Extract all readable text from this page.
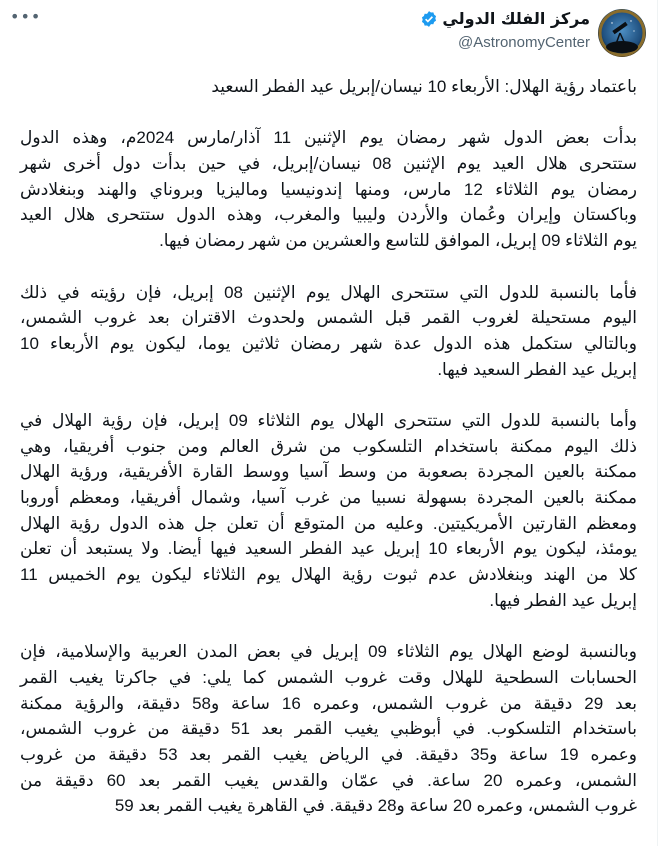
مركز الفلك الدولي
@AstronomyCenter
•••
باعتماد رؤية الهلال: الأربعاء 10 نيسان/إبريل عيد الفطر السعيد
بدأت بعض الدول شهر رمضان يوم الإثنين 11 آذار/مارس 2024م، وهذه الدول
ستتحرى هلال العيد يوم الإثنين 08 نيسان/إبريل، في حين بدأت دول أخرى شهر
رمضان يوم الثلاثاء 12 مارس، ومنها إندونيسيا وماليزيا وبروناي والهند وبنغلادش
وباكستان وإيران وعُمان والأردن وليبيا والمغرب، وهذه الدول ستتحرى هلال العيد
يوم الثلاثاء 09 إبريل، الموافق للتاسع والعشرين من شهر رمضان فيها.
فأما بالنسبة للدول التي ستتحرى الهلال يوم الإثنين 08 إبريل، فإن رؤيته في ذلك
اليوم مستحيلة لغروب القمر قبل الشمس ولحدوث الاقتران بعد غروب الشمس،
وبالتالي ستكمل هذه الدول عدة شهر رمضان ثلاثين يوما، ليكون يوم الأربعاء 10
إبريل عيد الفطر السعيد فيها.
وأما بالنسبة للدول التي ستتحرى الهلال يوم الثلاثاء 09 إبريل، فإن رؤية الهلال في
ذلك اليوم ممكنة باستخدام التلسكوب من شرق العالم ومن جنوب أفريقيا، وهي
ممكنة بالعين المجردة بصعوبة من وسط آسيا ووسط القارة الأفريقية، ورؤية الهلال
ممكنة بالعين المجردة بسهولة نسبيا من غرب آسيا، وشمال أفريقيا، ومعظم أوروبا
ومعظم القارتين الأمريكيتين. وعليه من المتوقع أن تعلن جل هذه الدول رؤية الهلال
يومئذ، ليكون يوم الأربعاء 10 إبريل عيد الفطر السعيد فيها أيضا. ولا يستبعد أن تعلن
كلا من الهند وبنغلادش عدم ثبوت رؤية الهلال يوم الثلاثاء ليكون يوم الخميس 11
إبريل عيد الفطر فيها.
وبالنسبة لوضع الهلال يوم الثلاثاء 09 إبريل في بعض المدن العربية والإسلامية، فإن
الحسابات السطحية للهلال وقت غروب الشمس كما يلي: في جاكرتا يغيب القمر
بعد 29 دقيقة من غروب الشمس، وعمره 16 ساعة و58 دقيقة، والرؤية ممكنة
باستخدام التلسكوب. في أبوظبي يغيب القمر بعد 51 دقيقة من غروب الشمس،
وعمره 19 ساعة و35 دقيقة. في الرياض يغيب القمر بعد 53 دقيقة من غروب
الشمس، وعمره 20 ساعة. في عمّان والقدس يغيب القمر بعد 60 دقيقة من
غروب الشمس، وعمره 20 ساعة و28 دقيقة. في القاهرة يغيب القمر بعد 59
